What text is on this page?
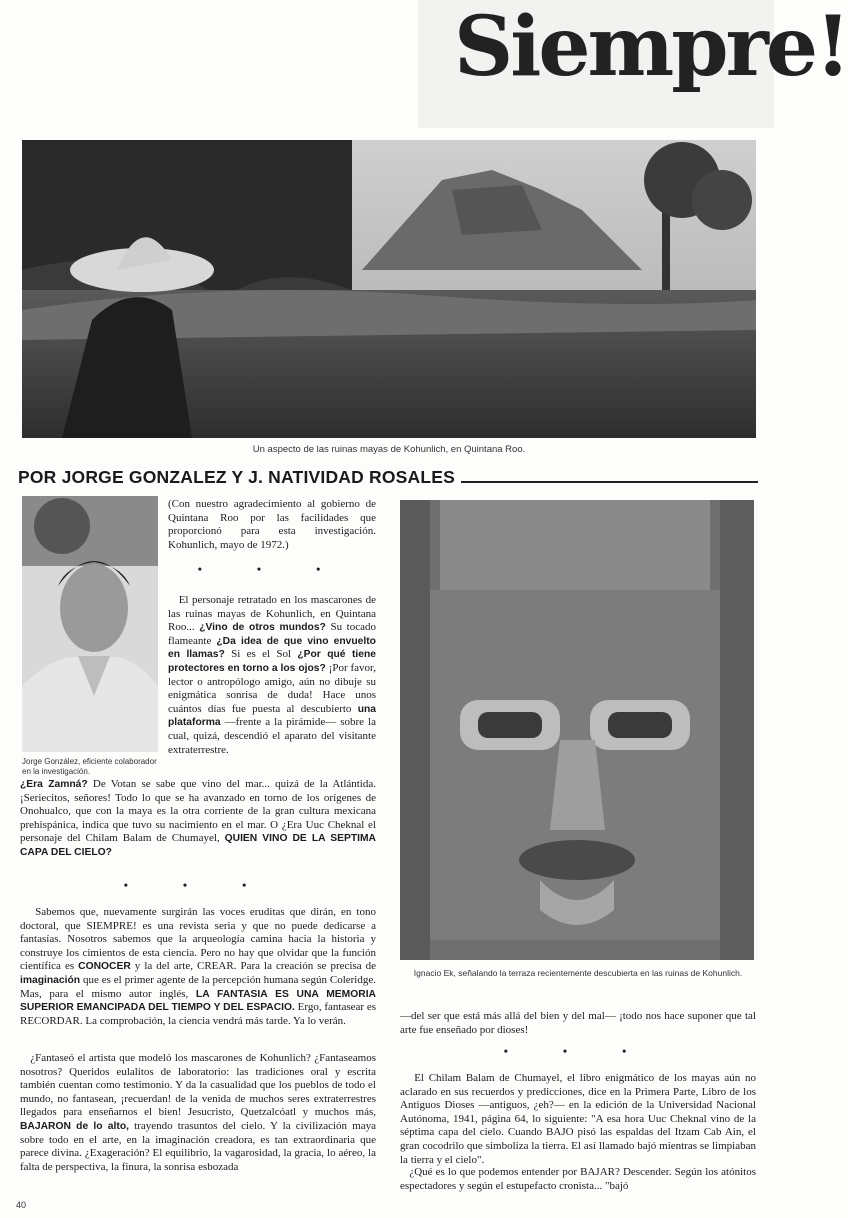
Siempre!
Un aspecto de las ruinas mayas de Kohunlich, en Quintana Roo.
POR JORGE GONZALEZ Y J. NATIVIDAD ROSALES
Jorge González, eficiente colaborador en la investigación.
Ignacio Ek, señalando la terraza recientemente descubierta en las ruinas de Kohunlich.
(Con nuestro agradecimiento al gobierno de Quintana Roo por las facilidades que proporcionó para esta investigación. Kohunlich, mayo de 1972.)
• • •
El personaje retratado en los mascarones de las ruinas mayas de Kohunlich, en Quintana Roo... ¿Vino de otros mundos? Su tocado flameante ¿Da idea de que vino envuelto en llamas? Si es el Sol ¿Por qué tiene protectores en torno a los ojos? ¡Por favor, lector o antropólogo amigo, aún no dibuje su enigmática sonrisa de duda! Hace unos cuántos días fue puesta al descubierto una plataforma —frente a la pirámide— sobre la cual, quizá, descendió el aparato del visitante extraterrestre.
¿Era Zamná? De Votan se sabe que vino del mar... quizá de la Atlántida. ¡Seriecitos, señores! Todo lo que se ha avanzado en torno de los orígenes de Onohualco, que con la maya es la otra corriente de la gran cultura mexicana prehispánica, indica que tuvo su nacimiento en el mar. O ¿Era Uuc Cheknal el personaje del Chilam Balam de Chumayel, QUIEN VINO DE LA SEPTIMA CAPA DEL CIELO?
• • •
Sabemos que, nuevamente surgirán las voces eruditas que dirán, en tono doctoral, que SIEMPRE! es una revista seria y que no puede dedicarse a fantasías. Nosotros sabemos que la arqueología camina hacia la historia y construye los cimientos de esta ciencia. Pero no hay que olvidar que la función científica es CONOCER y la del arte, CREAR. Para la creación se precisa de imaginación que es el primer agente de la percepción humana según Coleridge. Mas, para el mismo autor inglés, LA FANTASIA ES UNA MEMORIA SUPERIOR EMANCIPADA DEL TIEMPO Y DEL ESPACIO. Ergo, fantasear es RECORDAR. La comprobación, la ciencia vendrá más tarde. Ya lo verán.
¿Fantaseó el artista que modeló los mascarones de Kohunlich? ¿Fantaseamos nosotros? Queridos eulalitos de laboratorio: las tradiciones oral y escrita también cuentan como testimonio. Y da la casualidad que los pueblos de todo el mundo, no fantasean, ¡recuerdan! de la venida de muchos seres extraterrestres llegados para enseñarnos el bien! Jesucristo, Quetzalcóatl y muchos más, BAJARON de lo alto, trayendo trasuntos del cielo. Y la civilización maya sobre todo en el arte, en la imaginación creadora, es tan extraordinaria que parece divina. ¿Exageración? El equilibrio, la vagarosidad, la gracia, lo aéreo, la falta de perspectiva, la finura, la sonrisa esbozada
—del ser que está más allá del bien y del mal— ¡todo nos hace suponer que tal arte fue enseñado por dioses!
• • •
El Chilam Balam de Chumayel, el libro enigmático de los mayas aún no aclarado en sus recuerdos y predicciones, dice en la Primera Parte, Libro de los Antiguos Dioses —antiguos, ¿eh?— en la edición de la Universidad Nacional Autónoma, 1941, página 64, lo siguiente: "A esa hora Uuc Cheknal vino de la séptima capa del cielo. Cuando BAJO pisó las espaldas del Itzam Cab Ain, el gran cocodrilo que simboliza la tierra. El así llamado bajó mientras se limpiaban la tierra y el cielo".
¿Qué es lo que podemos entender por BAJAR? Descender. Según los atónitos espectadores y según el estupefacto cronista... "bajó
40
